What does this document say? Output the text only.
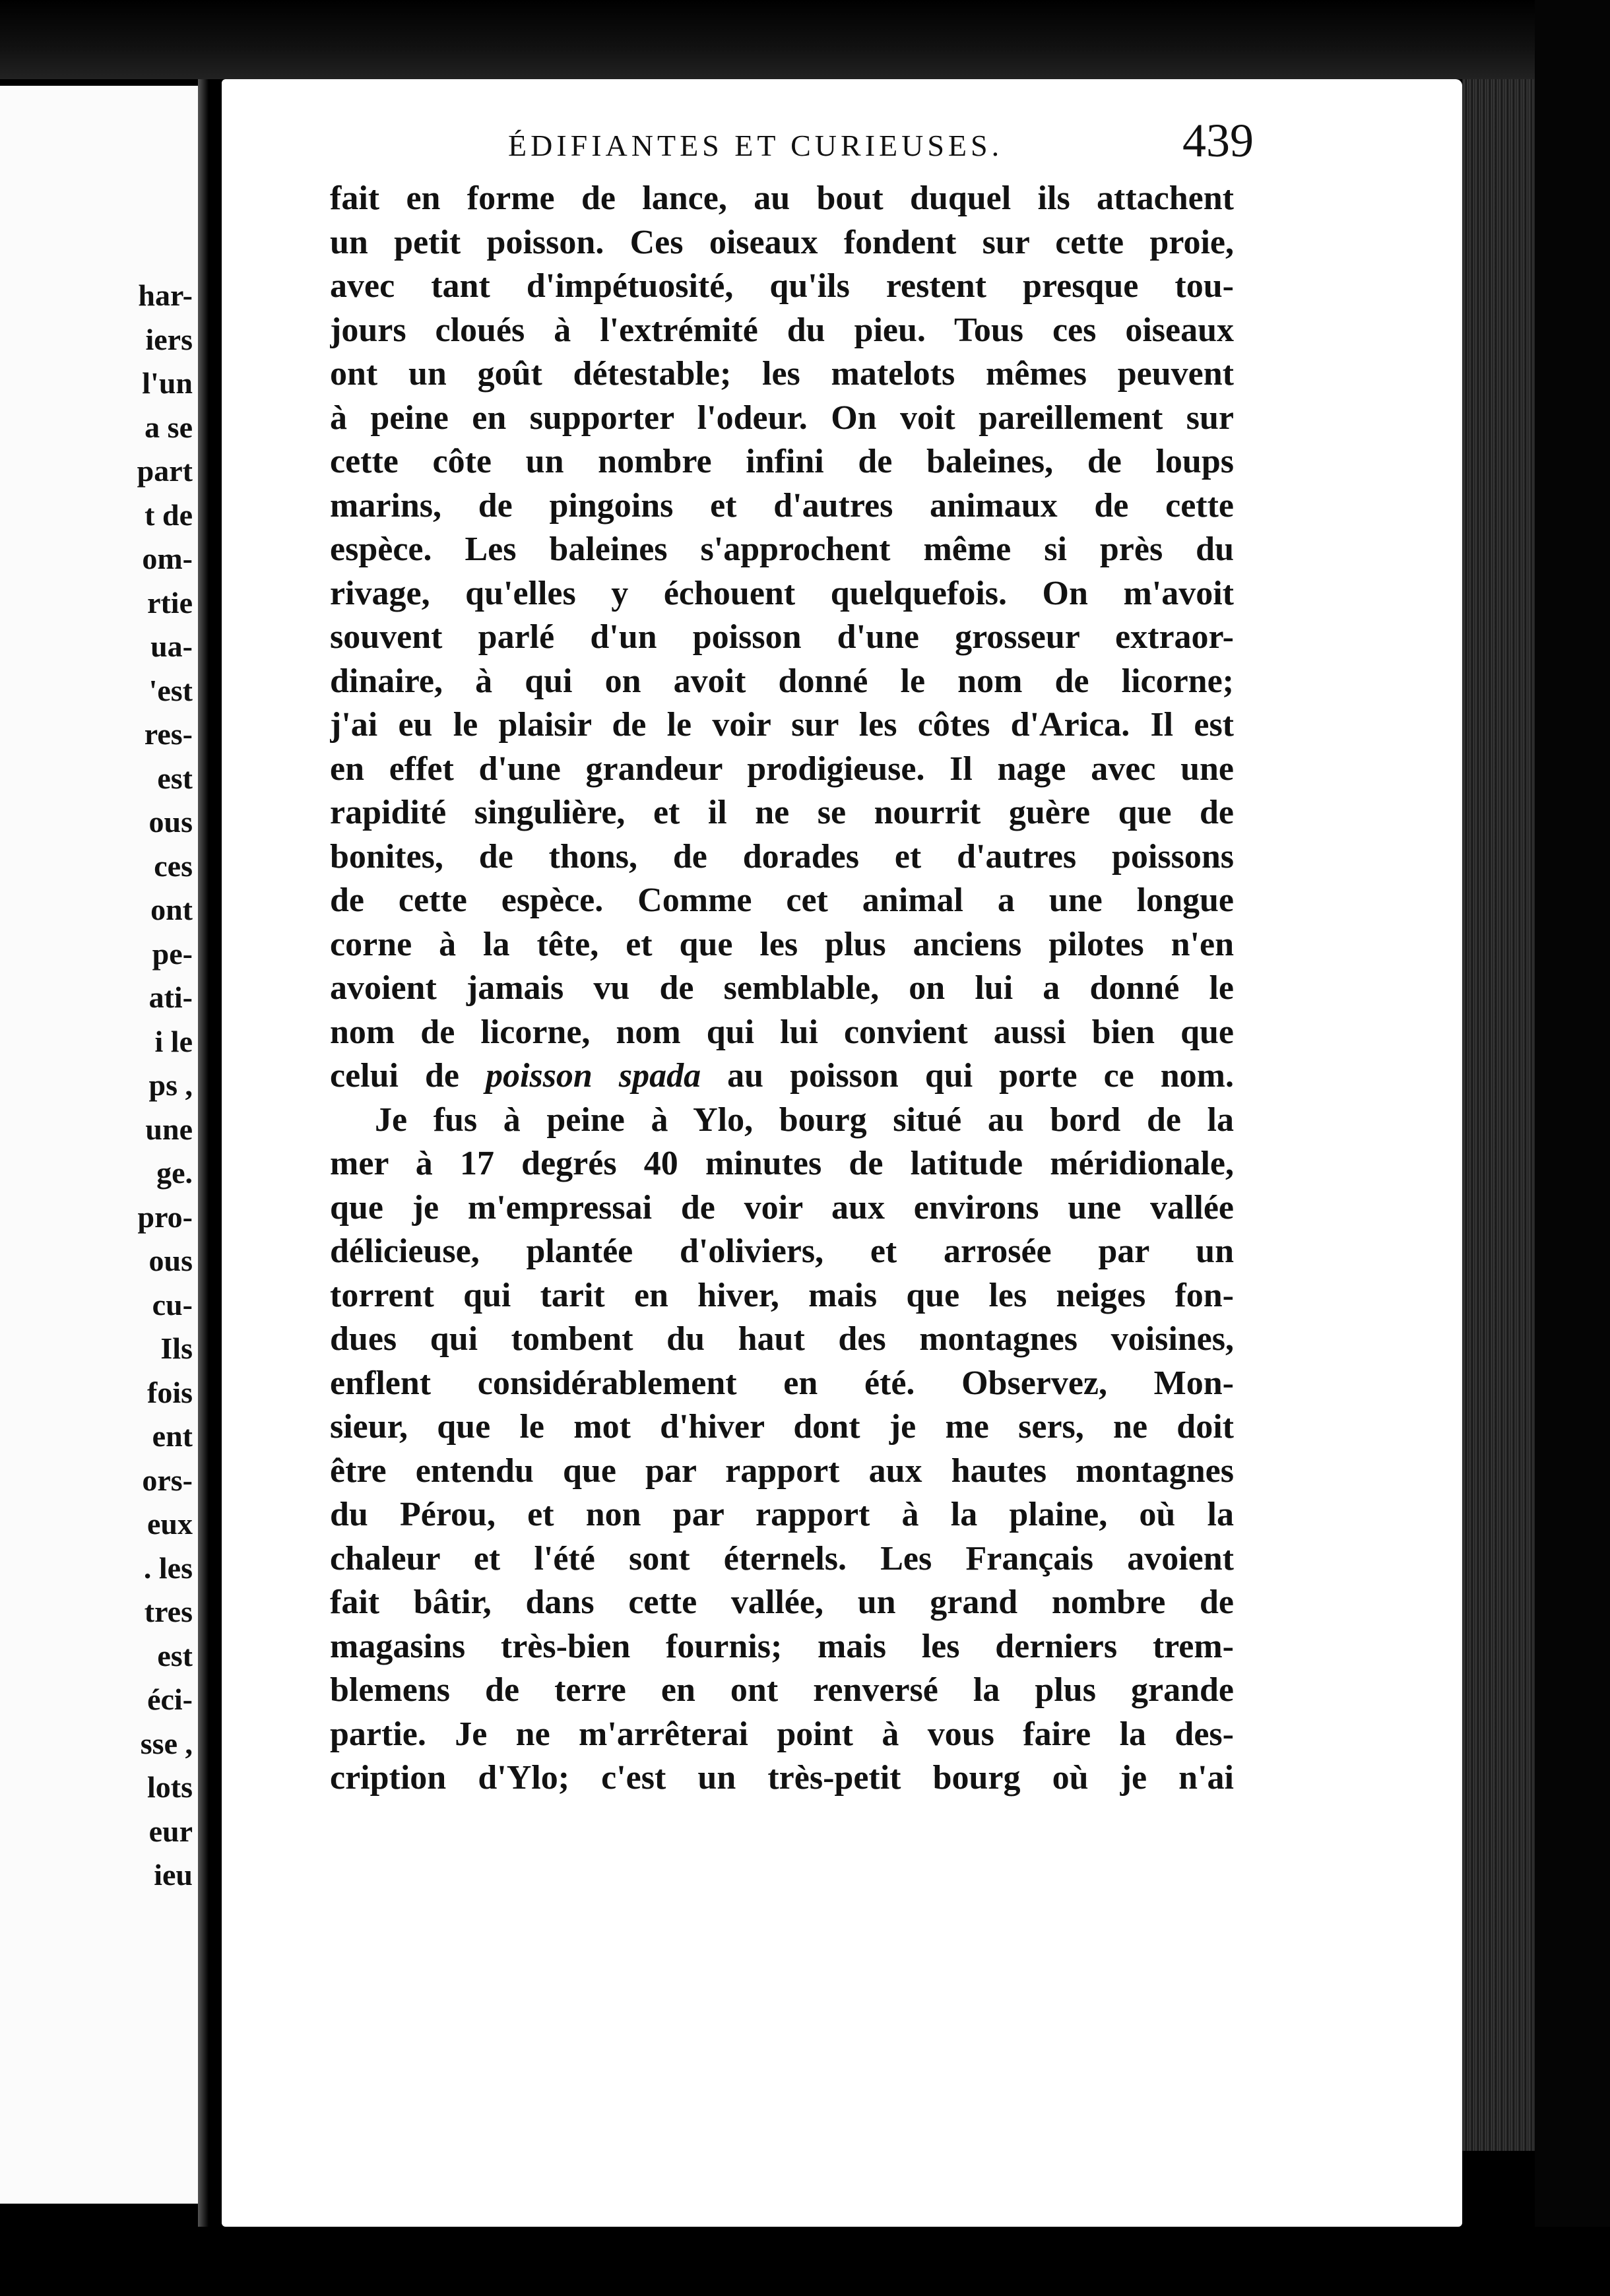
har-
iers
l'un
a se
part
t de
om-
rtie
ua-
'est
res-
est
ous
ces
ont
pe-
ati-
i le
ps ,
une
ge.
pro-
ous
cu-
Ils
fois
ent
ors-
eux
. les
tres
est
éci-
sse ,
lots
eur
ieu
ÉDIFIANTES ET CURIEUSES.	439
fait en forme de lance, au bout duquel ils attachent
un petit poisson. Ces oiseaux fondent sur cette proie,
avec tant d'impétuosité, qu'ils restent presque tou-
jours cloués à l'extrémité du pieu. Tous ces oiseaux
ont un goût détestable; les matelots mêmes peuvent
à peine en supporter l'odeur. On voit pareillement sur
cette côte un nombre infini de baleines, de loups
marins, de pingoins et d'autres animaux de cette
espèce. Les baleines s'approchent même si près du
rivage, qu'elles y échouent quelquefois. On m'avoit
souvent parlé d'un poisson d'une grosseur extraor-
dinaire, à qui on avoit donné le nom de licorne;
j'ai eu le plaisir de le voir sur les côtes d'Arica. Il est
en effet d'une grandeur prodigieuse. Il nage avec une
rapidité singulière, et il ne se nourrit guère que de
bonites, de thons, de dorades et d'autres poissons
de cette espèce. Comme cet animal a une longue
corne à la tête, et que les plus anciens pilotes n'en
avoient jamais vu de semblable, on lui a donné le
nom de licorne, nom qui lui convient aussi bien que
celui de poisson spada au poisson qui porte ce nom.
Je fus à peine à Ylo, bourg situé au bord de la
mer à 17 degrés 40 minutes de latitude méridionale,
que je m'empressai de voir aux environs une vallée
délicieuse, plantée d'oliviers, et arrosée par un
torrent qui tarit en hiver, mais que les neiges fon-
dues qui tombent du haut des montagnes voisines,
enflent considérablement en été. Observez, Mon-
sieur, que le mot d'hiver dont je me sers, ne doit
être entendu que par rapport aux hautes montagnes
du Pérou, et non par rapport à la plaine, où la
chaleur et l'été sont éternels. Les Français avoient
fait bâtir, dans cette vallée, un grand nombre de
magasins très-bien fournis; mais les derniers trem-
blemens de terre en ont renversé la plus grande
partie. Je ne m'arrêterai point à vous faire la des-
cription d'Ylo; c'est un très-petit bourg où je n'ai
